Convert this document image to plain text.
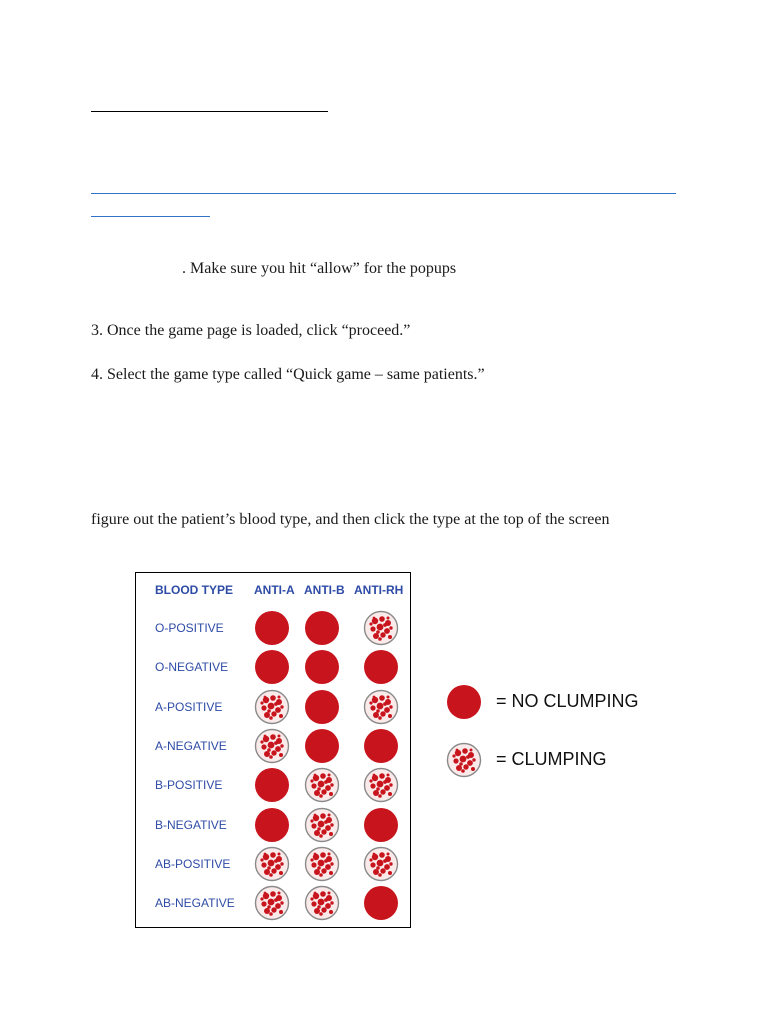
. Make sure you hit “allow” for the popups
3. Once the game page is loaded, click “proceed.”
4. Select the game type called “Quick game – same patients.”
figure out the patient’s blood type, and then click the type at the top of the screen
BLOOD TYPE ANTI-A ANTI-B ANTI-RH
O-POSITIVE
O-NEGATIVE
A-POSITIVE
A-NEGATIVE
B-POSITIVE
B-NEGATIVE
AB-POSITIVE
AB-NEGATIVE
= NO CLUMPING
= CLUMPING
